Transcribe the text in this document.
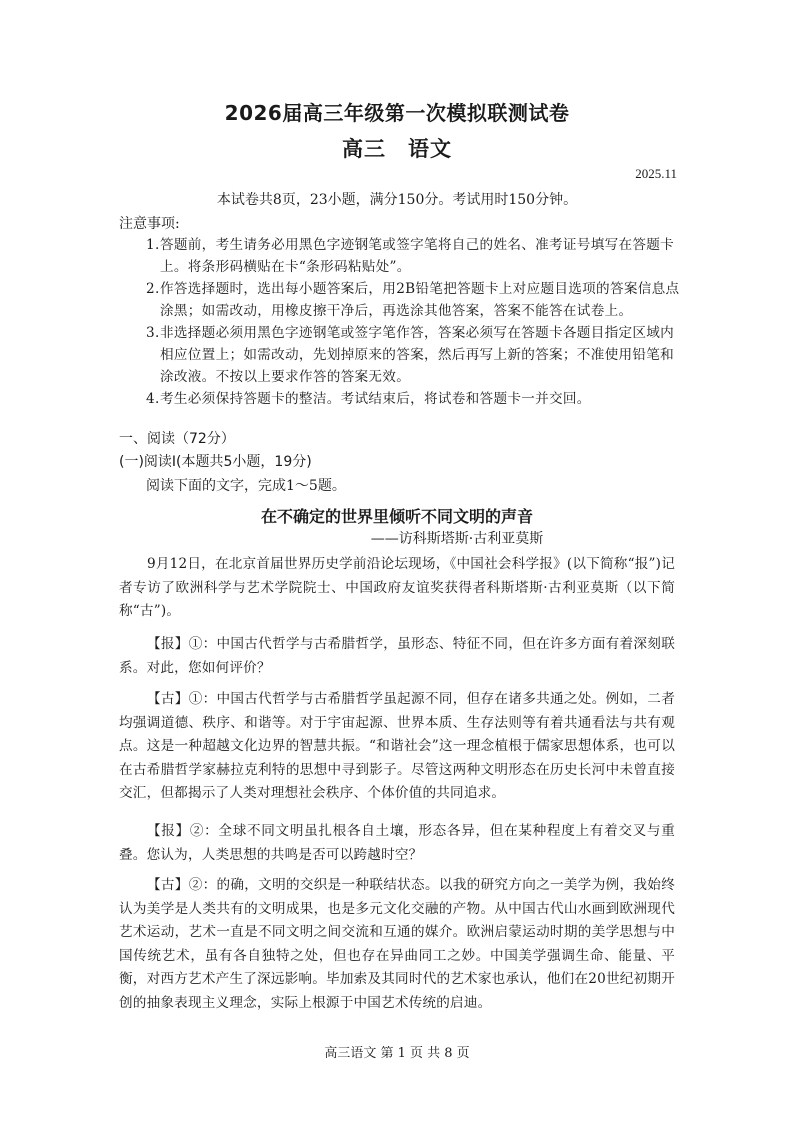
2026届高三年级第一次模拟联测试卷
高三　语文
2025.11
本试卷共8页，23小题，满分150分。考试用时150分钟。
注意事项:
1. 答题前，考生请务必用黑色字迹钢笔或签字笔将自己的姓名、准考证号填写在答题卡上。将条形码横贴在卡“条形码粘贴处”。
2. 作答选择题时，选出每小题答案后，用2B铅笔把答题卡上对应题目选项的答案信息点涂黑；如需改动，用橡皮擦干净后，再选涂其他答案，答案不能答在试卷上。
3. 非选择题必须用黑色字迹钢笔或签字笔作答，答案必须写在答题卡各题目指定区域内相应位置上；如需改动，先划掉原来的答案，然后再写上新的答案；不准使用铅笔和涂改液。不按以上要求作答的答案无效。
4. 考生必须保持答题卡的整洁。考试结束后，将试卷和答题卡一并交回。
一、阅读（72分）
(一)阅读Ⅰ(本题共5小题，19分)
阅读下面的文字，完成1～5题。
在不确定的世界里倾听不同文明的声音
——访科斯塔斯·古利亚莫斯
9月12日，在北京首届世界历史学前沿论坛现场，《中国社会科学报》(以下简称“报”)记者专访了欧洲科学与艺术学院院士、中国政府友谊奖获得者科斯塔斯·古利亚莫斯（以下简称“古”)。
【报】①：中国古代哲学与古希腊哲学，虽形态、特征不同，但在许多方面有着深刻联系。对此，您如何评价？
【古】①：中国古代哲学与古希腊哲学虽起源不同，但存在诸多共通之处。例如，二者均强调道德、秩序、和谐等。对于宇宙起源、世界本质、生存法则等有着共通看法与共有观点。这是一种超越文化边界的智慧共振。“和谐社会”这一理念植根于儒家思想体系，也可以在古希腊哲学家赫拉克利特的思想中寻到影子。尽管这两种文明形态在历史长河中未曾直接交汇，但都揭示了人类对理想社会秩序、个体价值的共同追求。
【报】②：全球不同文明虽扎根各自土壤，形态各异，但在某种程度上有着交叉与重叠。您认为，人类思想的共鸣是否可以跨越时空？
【古】②：的确，文明的交织是一种联结状态。以我的研究方向之一美学为例，我始终认为美学是人类共有的文明成果，也是多元文化交融的产物。从中国古代山水画到欧洲现代艺术运动，艺术一直是不同文明之间交流和互通的媒介。欧洲启蒙运动时期的美学思想与中国传统艺术，虽有各自独特之处，但也存在异曲同工之妙。中国美学强调生命、能量、平衡，对西方艺术产生了深远影响。毕加索及其同时代的艺术家也承认，他们在20世纪初期开创的抽象表现主义理念，实际上根源于中国艺术传统的启迪。
高三语文 第 1 页 共 8 页
